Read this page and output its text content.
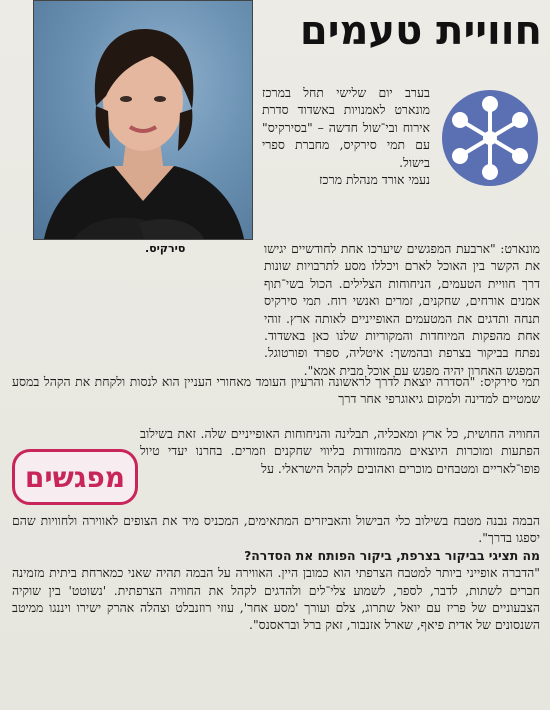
חוויית טעמים
סירקיס.

בערב יום שלישי תחל במרכז מונארט לאמנויות באשדוד סדרת אירוח ובי־שול חדשה – "בסירקיס" עם תמי סירקיס, מחברת ספרי בישול.

נעמי אורד מנהלת מרכז

מונארט: "ארבעת המפגשים שיערכו אחת לחודשיים יגישו את הקשר בין האוכל לארם ויכללו מסע לתרבויות שונות דרך חוויית הטעמים, הניחוחות הצלילים. הכול בשי־תוף אמנים אורחים, שחקנים, זמרים ואנשי רוח. תמי סירקיס תנחה ותדגים את המטעמים האופייניים לאותה ארץ. זוהי אחת מהפקות המיוחדות והמקוריות שלנו כאן באשדוד. נפתח בביקור בצרפת ובהמשך: איטליה, ספרד ופורטוגל. המפגש האחרון יהיה מפגש עם אוכל מבית אמא".

תמי סירקיס: "הסדרה יוצאת לדרך לראשונה והרעיון העומד מאחורי העניין הוא לנסות ולקחת את הקהל במסע שמטיים למדינה ולמקום גיאוגרפי אחר דרך

החוויה החושית, כל ארץ ומאכליה, תבלינה והניחוחות האופייניים שלה. זאת בשילוב הפתעות ומוכרות היוצאים מהמזוודות בליווי שחקנים וזמרים. בחרנו יעדי טיול פופו־לאריים ומטבחים מוכרים ואהובים לקהל הישראלי. על

מפגשים

הבמה נבנה מטבח בשילוב כלי הבישול והאביזרים המתאימים, המכניס מיד את הצופים לאווירה ולחוויות שהם יספגו בדרך".

מה תציגי בביקור בצרפת, ביקור הפותח את הסדרה?

"הדברה אופייני ביותר למטבח הצרפתי הוא כמובן היין. האווירה על הבמה תהיה שאני כמארחת ביתית מזמינה חברים לשתות, לדבר, לספר, לשמוע צלי־לים ולהדגים לקהל את החוויה הצרפתית. 'נשוטט' בין שוקיה הצבעוניים של פריז עם יואל שתרוג, צלם ועורך 'מסע אחר', עוזי רוזנבלט וצהלה אהרק ישירו ויננגו ממיטב השנסונים של אדית פיאף, שארל אזנבור, זאק ברל ובראסנס".
